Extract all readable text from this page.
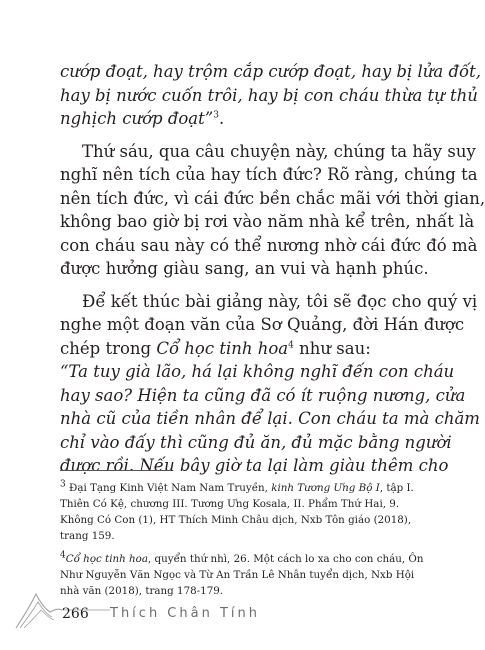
cướp đoạt, hay trộm cắp cướp đoạt, hay bị lửa đốt,

hay bị nước cuốn trôi, hay bị con cháu thừa tự thủ

nghịch cướp đoạt”$^3$.

Thứ sáu, qua câu chuyện này, chúng ta hãy suy

nghĩ nên tích của hay tích đức? Rõ ràng, chúng ta

nên tích đức, vì cái đức bền chắc mãi với thời gian,

không bao giờ bị rơi vào năm nhà kể trên, nhất là

con cháu sau này có thể nương nhờ cái đức đó mà

được hưởng giàu sang, an vui và hạnh phúc.

Để kết thúc bài giảng này, tôi sẽ đọc cho quý vị

nghe một đoạn văn của Sơ Quảng, đời Hán được

chép trong Cổ học tinh hoa$^4$ như sau:

“Ta tuy già lão, há lại không nghĩ đến con cháu

hay sao? Hiện ta cũng đã có ít ruộng nương, cửa

nhà cũ của tiền nhân để lại. Con cháu ta mà chăm

chỉ vào đấy thì cũng đủ ăn, đủ mặc bằng người

được rồi. Nếu bây giờ ta lại làm giàu thêm cho

$^3$ Đại Tạng Kinh Việt Nam Nam Truyền, kinh Tương Ưng Bộ I, tập I.

Thiên Có Kệ, chương III. Tương Ưng Kosala, II. Phẩm Thứ Hai, 9.

Không Có Con (1), HT Thích Minh Châu dịch, Nxb Tôn giáo (2018),

trang 159.

$^4$Cổ học tinh hoa, quyển thứ nhì, 26. Một cách lo xa cho con cháu, Ôn

Như Nguyễn Văn Ngọc và Từ An Trần Lê Nhân tuyển dịch, Nxb Hội

nhà văn (2018), trang 178-179.

266 Thích Chân Tính
